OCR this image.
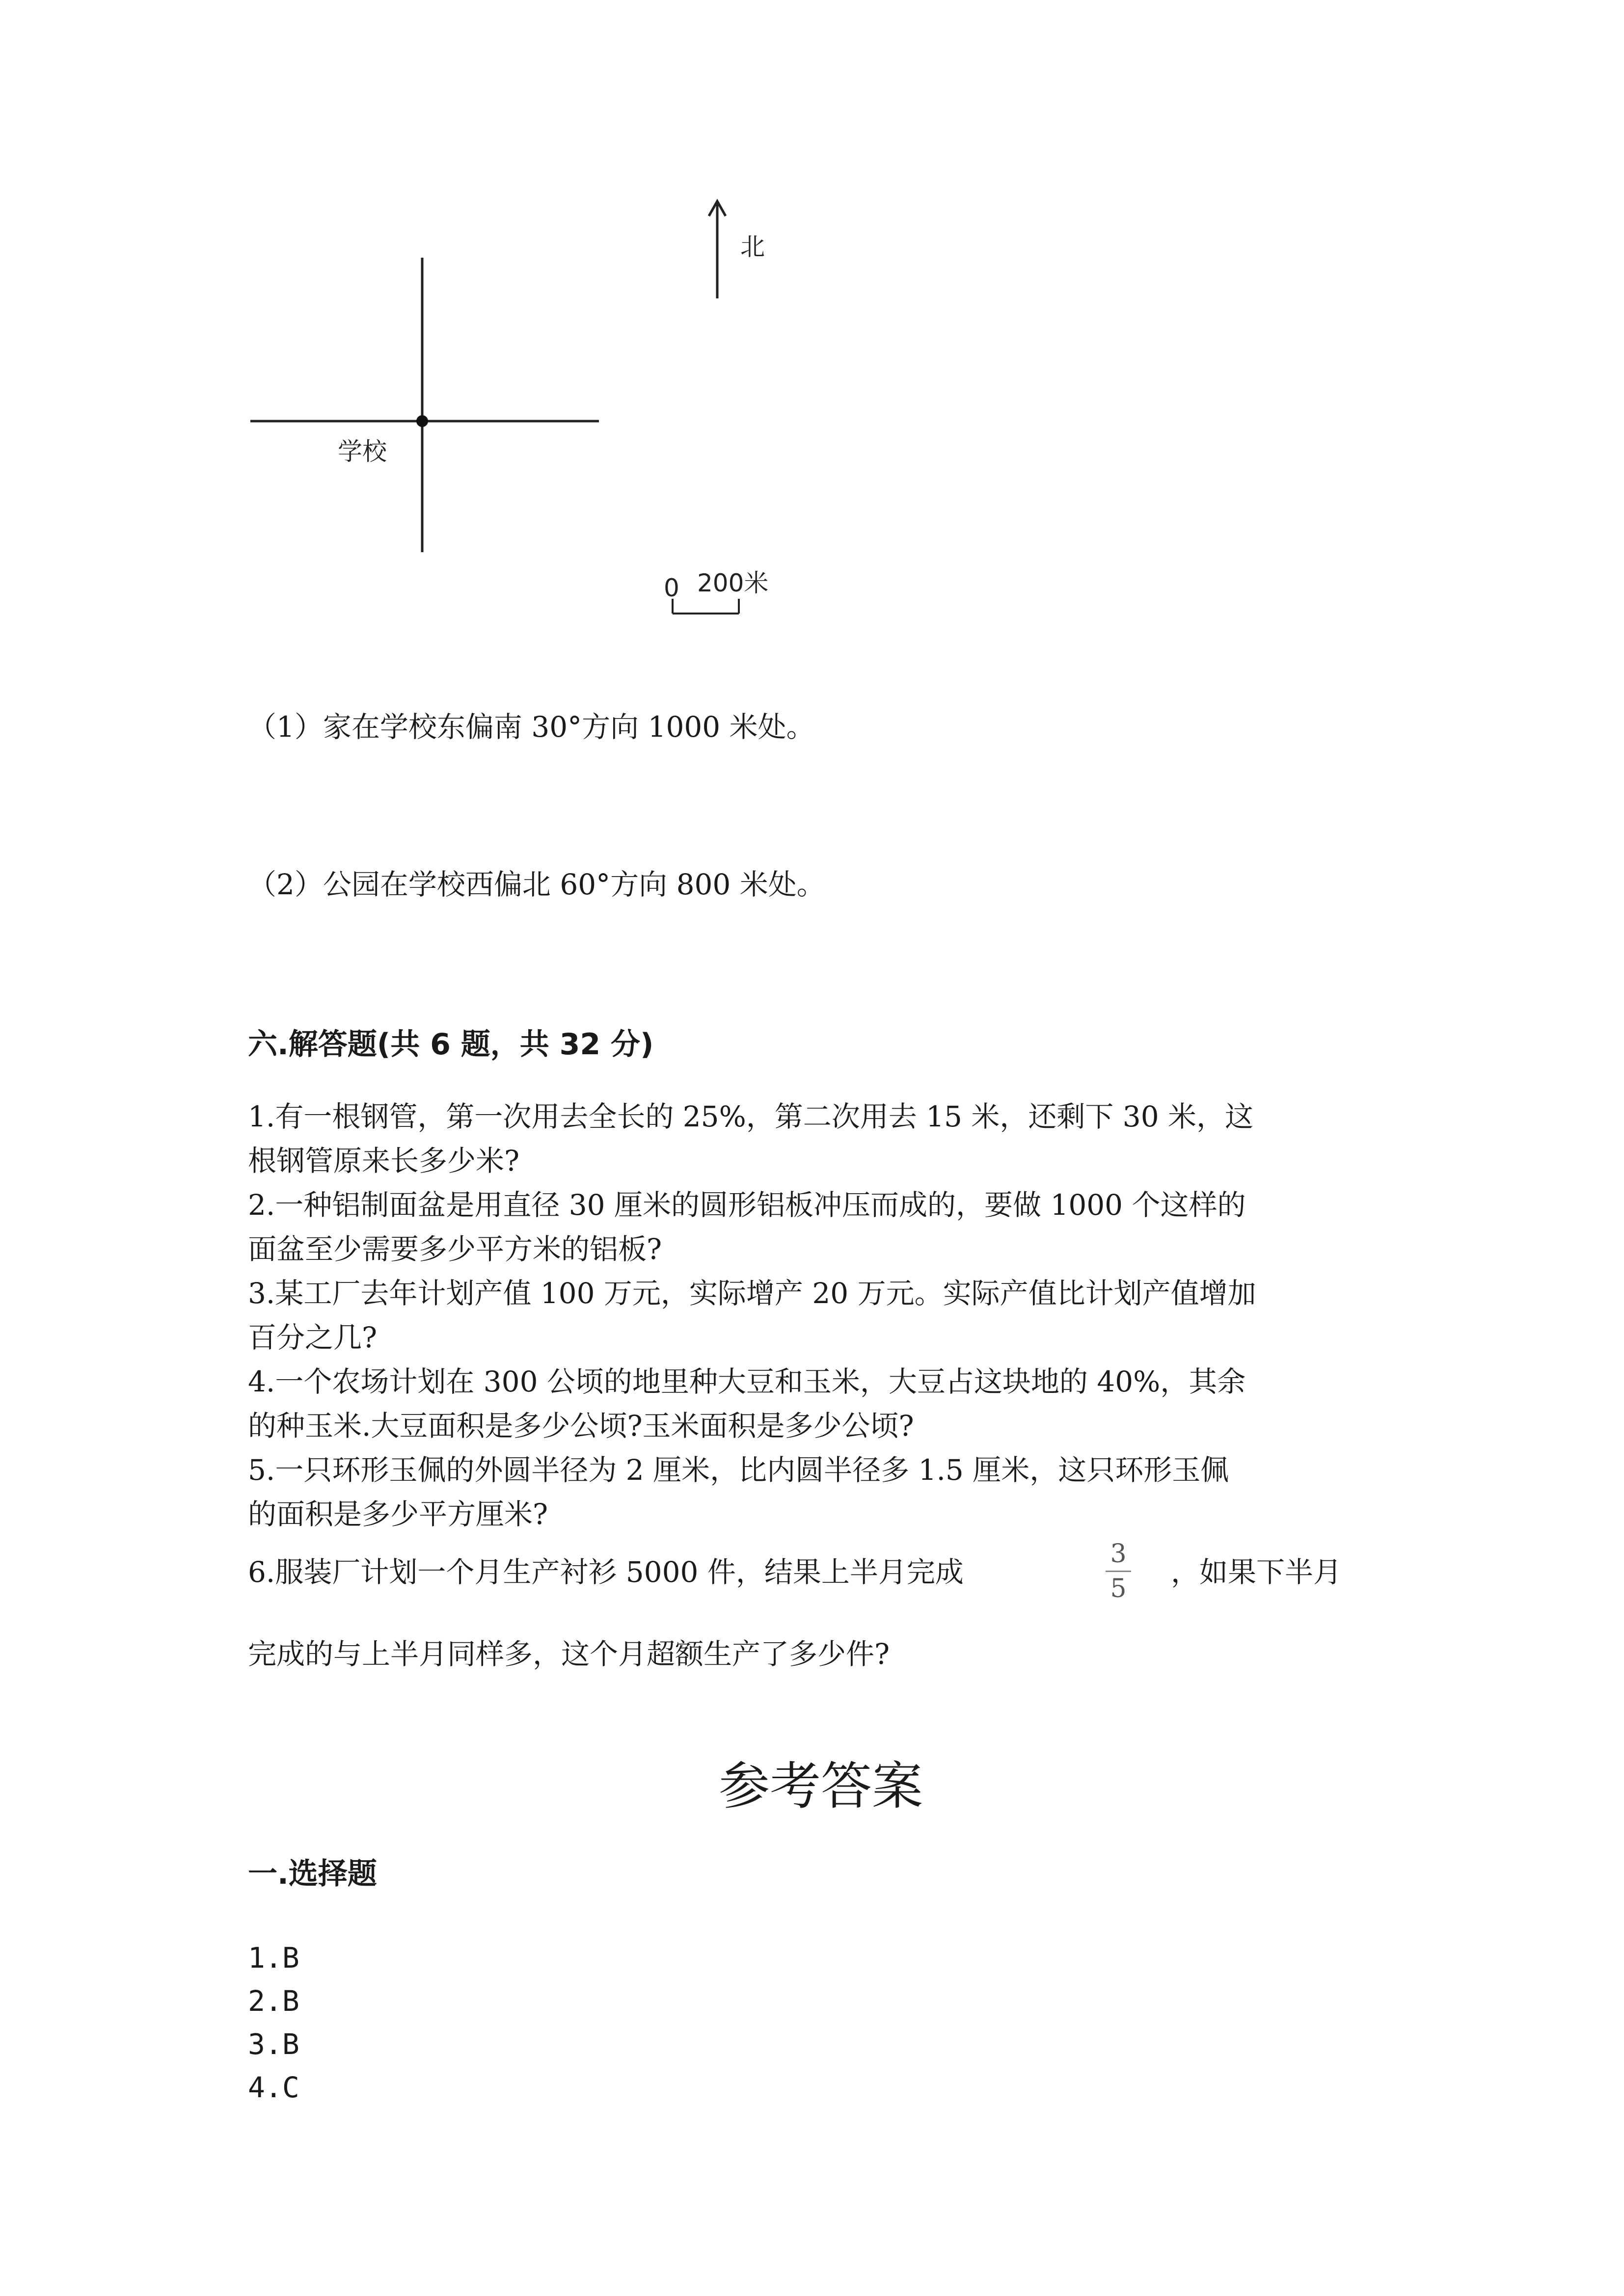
学校
北
0 200米
（1）家在学校东偏南 30°方向 1000 米处。
（2）公园在学校西偏北 60°方向 800 米处。
六.解答题(共 6 题，共 32 分)
1.有一根钢管，第一次用去全长的 25%，第二次用去 15 米，还剩下 30 米，这
根钢管原来长多少米?
2.一种铝制面盆是用直径 30 厘米的圆形铝板冲压而成的，要做 1000 个这样的
面盆至少需要多少平方米的铝板?
3.某工厂去年计划产值 100 万元，实际增产 20 万元。实际产值比计划产值增加
百分之几?
4.一个农场计划在 300 公顷的地里种大豆和玉米，大豆占这块地的 40%，其余
的种玉米.大豆面积是多少公顷?玉米面积是多少公顷?
5.一只环形玉佩的外圆半径为 2 厘米，比内圆半径多 1.5 厘米，这只环形玉佩
的面积是多少平方厘米?
6.服装厂计划一个月生产衬衫 5000 件，结果上半月完成
3
5 ，如果下半月
完成的与上半月同样多，这个月超额生产了多少件?
参考答案
一.选择题
1.B
2.B
3.B
4.C
